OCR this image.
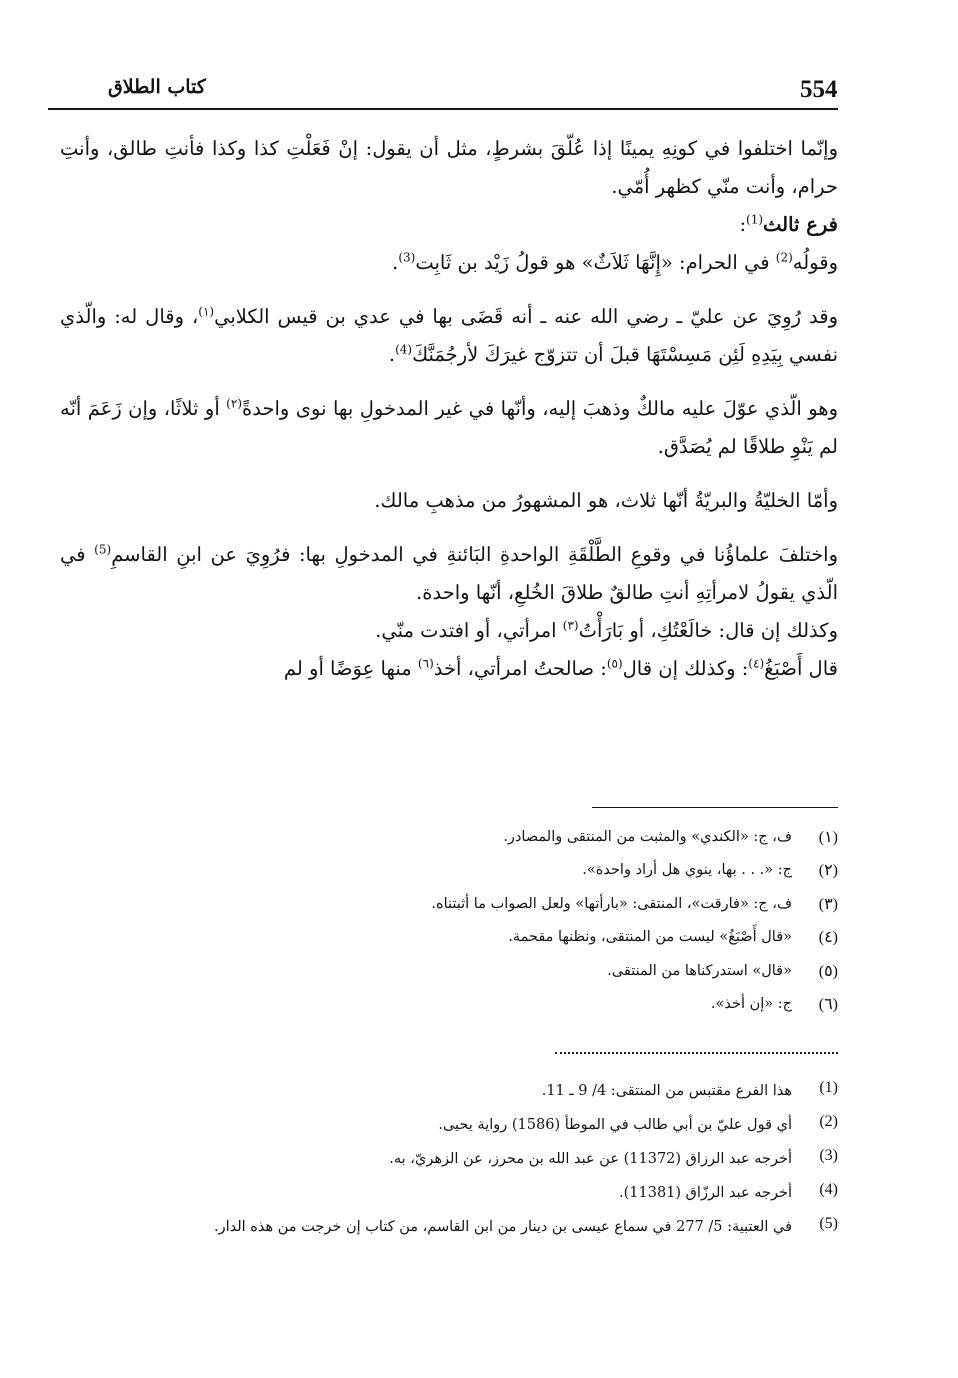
554
كتاب الطلاق

وإنّما اختلفوا في كونِهِ يمينًا إذا عُلّقَ بشرطٍ، مثل أن يقول: إنْ فَعَلْتِ كذا وكذا فأنتِ طالق، وأنتِ حرام، وأنت منّي كظهر أُمّي.

فرع ثالث$^{(1)}$:

وقولُه$^{(2)}$ في الحرام: «إِنَّهَا ثَلاَثٌ» هو قولُ زَيْد بن ثَابِت$^{(3)}$.

وقد رُوِيَ عن عليّ ـ رضي الله عنه ـ أنه قَضَى بها في عدي بن قيس الكلابي$^{(١)}$، وقال له: والّذي نفسي بِيَدِهِ لَئِن مَسِسْتَهَا قبلَ أن تتزوّج غيرَكَ لأرجُمَنَّكَ$^{(4)}$.

وهو الّذي عوّلَ عليه مالكٌ وذهبَ إليه، وأنّها في غير المدخولِ بها نوى واحدةً$^{(٢)}$ أو ثلاثًا، وإن زَعَمَ أنّه لم يَنْوِ طلاقًا لم يُصَدَّق.

وأمّا الخليّةُ والبريّةُ أنّها ثلاث، هو المشهورُ من مذهبِ مالك.

واختلفَ علماؤُنا في وقوعِ الطَّلْقَةِ الواحدةِ البَائنةِ في المدخولِ بها: فرُوِيَ عن ابنِ القاسمِ$^{(5)}$ في الّذي يقولُ لامرأتِهِ أنتِ طالقٌ طلاقَ الخُلعِ، أنّها واحدة.

وكذلك إن قال: خالَعْتُكِ، أو بَارَأْتُ$^{(٣)}$ امرأتي، أو افتدت منّي.

قال أَصْبَغُ$^{(٤)}$: وكذلك إن قال$^{(٥)}$: صالحتُ امرأتي، أخذ$^{(٦)}$ منها عِوَضًا أو لم

(١)
ف، ج: «الكندي» والمثبت من المنتقى والمصادر.
(٢)
ج: «. . . بها، ينوي هل أراد واحدة».
(٣)
ف، ج: «فارقت»، المنتقى: «بارأتها» ولعل الصواب ما أثبتناه.
(٤)
«قال أَصْبَغُ» ليست من المنتقى، ونظنها مقحمة.
(٥)
«قال» استدركناها من المنتقى.
(٦)
ج: «إن أخذ».
(1)
هذا الفرع مقتبس من المنتقى: 4/ 9 ـ 11.
(2)
أي قول عليّ بن أبي طالب في الموطأ (1586) رواية يحيى.
(3)
أخرجه عبد الرزاق (11372) عن عبد الله بن محرز، عن الزهريّ، به.
(4)
أخرجه عبد الرزّاق (11381).
(5)
في العتبية: 5/ 277 في سماع عيسى بن دينار من ابن القاسم، من كتاب إن خرجت من هذه الدار.
